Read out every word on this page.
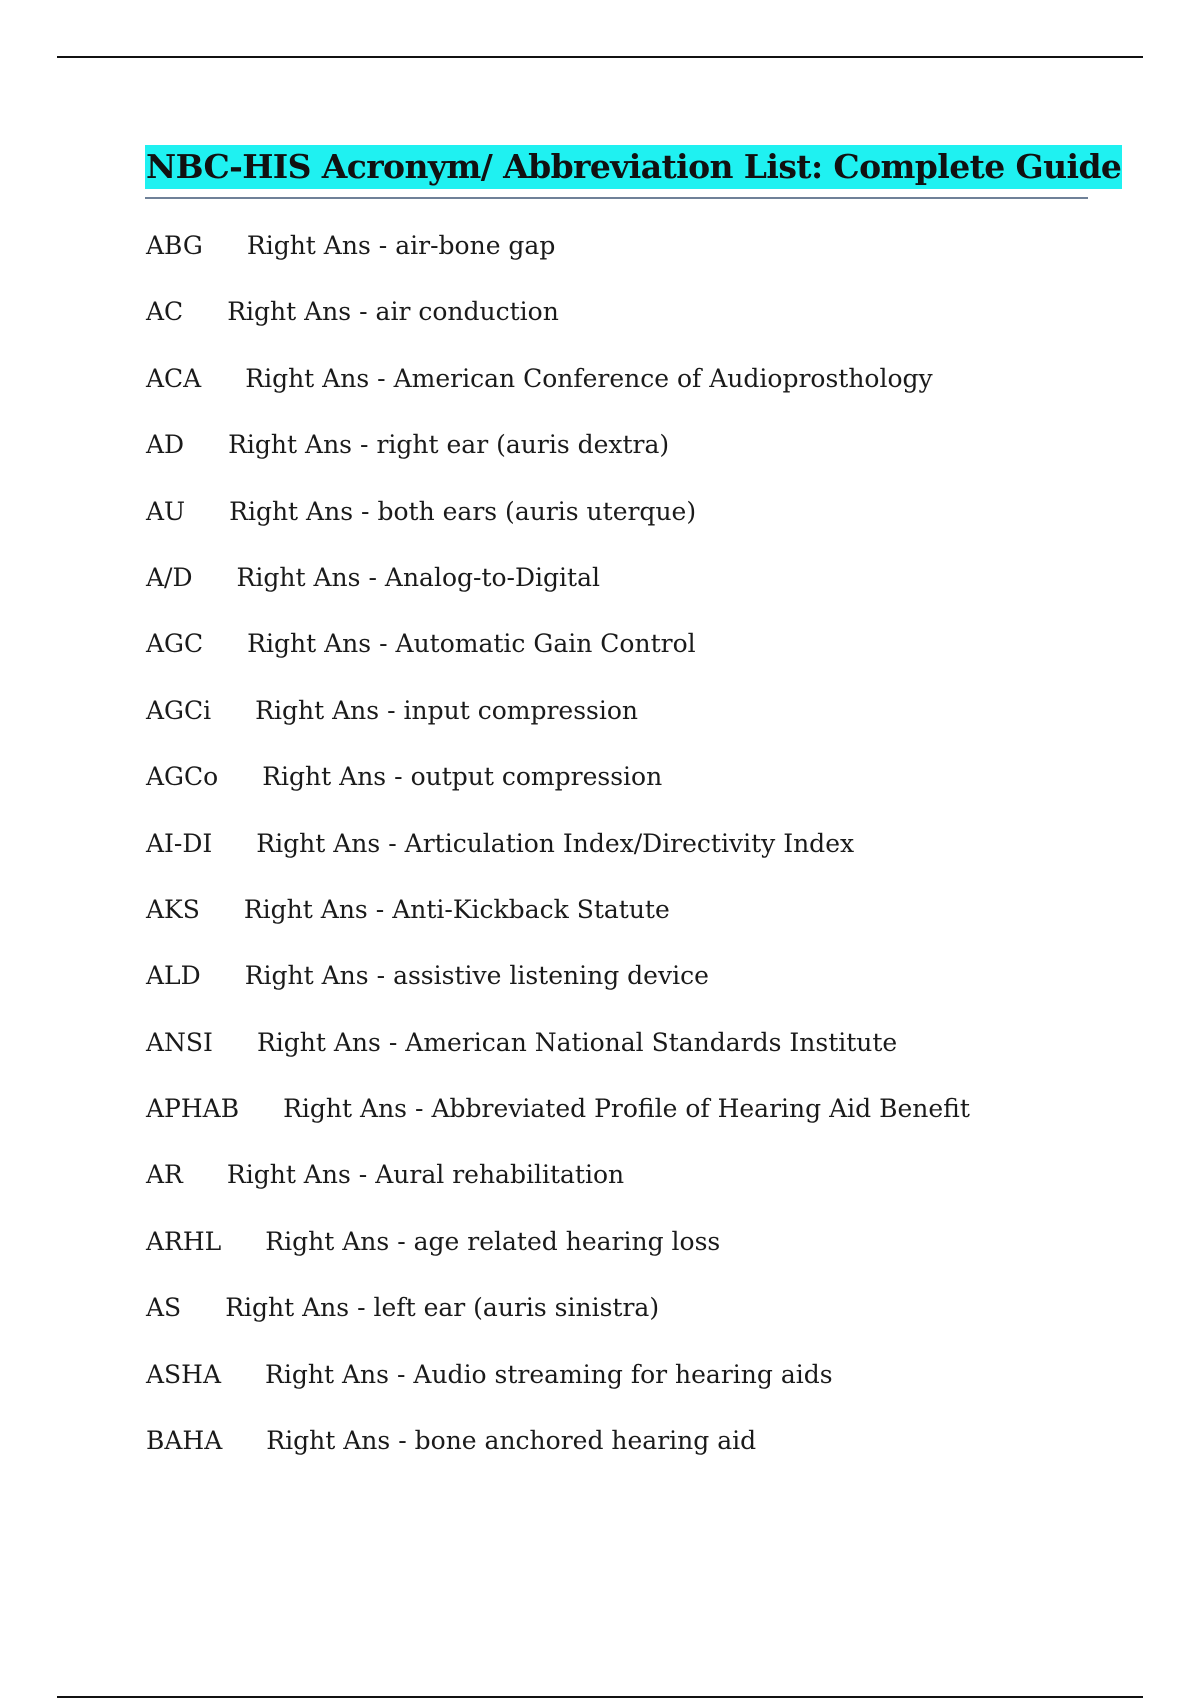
NBC-HIS Acronym/ Abbreviation List: Complete Guide
ABG Right Ans - air-bone gap
AC Right Ans - air conduction
ACA Right Ans - American Conference of Audioprosthology
AD Right Ans - right ear (auris dextra)
AU Right Ans - both ears (auris uterque)
A/D Right Ans - Analog-to-Digital
AGC Right Ans - Automatic Gain Control
AGCi Right Ans - input compression
AGCo Right Ans - output compression
AI-DI Right Ans - Articulation Index/Directivity Index
AKS Right Ans - Anti-Kickback Statute
ALD Right Ans - assistive listening device
ANSI Right Ans - American National Standards Institute
APHAB Right Ans - Abbreviated Profile of Hearing Aid Benefit
AR Right Ans - Aural rehabilitation
ARHL Right Ans - age related hearing loss
AS Right Ans - left ear (auris sinistra)
ASHA Right Ans - Audio streaming for hearing aids
BAHA Right Ans - bone anchored hearing aid
